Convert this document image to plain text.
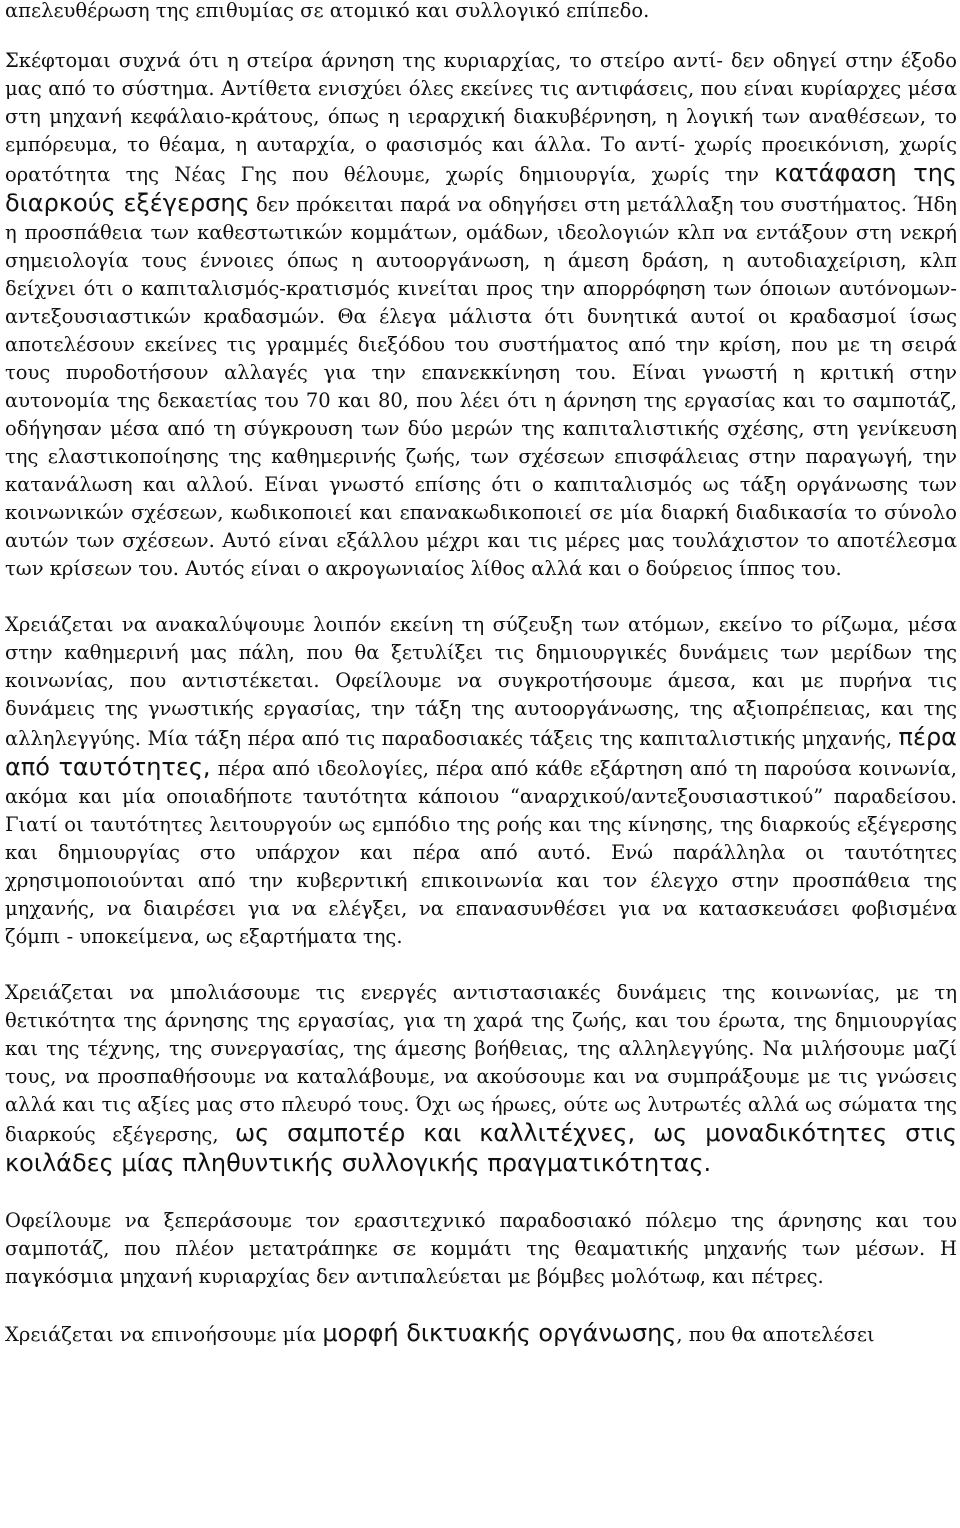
απελευθέρωση της επιθυμίας σε ατομικό και συλλογικό επίπεδο.

Σκέφτομαι συχνά ότι η στείρα άρνηση της κυριαρχίας, το στείρο αντί- δεν οδηγεί στην έξοδο μας από το σύστημα. Αντίθετα ενισχύει όλες εκείνες τις αντιφάσεις, που είναι κυρίαρχες μέσα στη μηχανή κεφάλαιο-κράτους, όπως η ιεραρχική διακυβέρνηση, η λογική των αναθέσεων, το εμπόρευμα, το θέαμα, η αυταρχία, ο φασισμός και άλλα. Το αντί- χωρίς προεικόνιση, χωρίς ορατότητα της Νέας Γης που θέλουμε, χωρίς δημιουργία, χωρίς την κατάφαση της διαρκούς εξέγερσης δεν πρόκειται παρά να οδηγήσει στη μετάλλαξη του συστήματος. Ήδη η προσπάθεια των καθεστωτικών κομμάτων, ομάδων, ιδεολογιών κλπ να εντάξουν στη νεκρή σημειολογία τους έννοιες όπως η αυτοοργάνωση, η άμεση δράση, η αυτοδιαχείριση, κλπ δείχνει ότι ο καπιταλισμός-κρατισμός κινείται προς την απορρόφηση των όποιων αυτόνομων- αντεξουσιαστικών κραδασμών. Θα έλεγα μάλιστα ότι δυνητικά αυτοί οι κραδασμοί ίσως αποτελέσουν εκείνες τις γραμμές διεξόδου του συστήματος από την κρίση, που με τη σειρά τους πυροδοτήσουν αλλαγές για την επανεκκίνηση του. Είναι γνωστή η κριτική στην αυτονομία της δεκαετίας του 70 και 80, που λέει ότι η άρνηση της εργασίας και το σαμποτάζ, οδήγησαν μέσα από τη σύγκρουση των δύο μερών της καπιταλιστικής σχέσης, στη γενίκευση της ελαστικοποίησης της καθημερινής ζωής, των σχέσεων επισφάλειας στην παραγωγή, την κατανάλωση και αλλού. Είναι γνωστό επίσης ότι ο καπιταλισμός ως τάξη οργάνωσης των κοινωνικών σχέσεων, κωδικοποιεί και επανακωδικοποιεί σε μία διαρκή διαδικασία το σύνολο αυτών των σχέσεων. Αυτό είναι εξάλλου μέχρι και τις μέρες μας τουλάχιστον το αποτέλεσμα των κρίσεων του. Αυτός είναι ο ακρογωνιαίος λίθος αλλά και ο δούρειος ίππος του.

Χρειάζεται να ανακαλύψουμε λοιπόν εκείνη τη σύζευξη των ατόμων, εκείνο το ρίζωμα, μέσα στην καθημερινή μας πάλη, που θα ξετυλίξει τις δημιουργικές δυνάμεις των μερίδων της κοινωνίας, που αντιστέκεται. Οφείλουμε να συγκροτήσουμε άμεσα, και με πυρήνα τις δυνάμεις της γνωστικής εργασίας, την τάξη της αυτοοργάνωσης, της αξιοπρέπειας, και της αλληλεγγύης. Μία τάξη πέρα από τις παραδοσιακές τάξεις της καπιταλιστικής μηχανής, πέρα από ταυτότητες, πέρα από ιδεολογίες, πέρα από κάθε εξάρτηση από τη παρούσα κοινωνία, ακόμα και μία οποιαδήποτε ταυτότητα κάποιου “αναρχικού/αντεξουσιαστικού” παραδείσου. Γιατί οι ταυτότητες λειτουργούν ως εμπόδιο της ροής και της κίνησης, της διαρκούς εξέγερσης και δημιουργίας στο υπάρχον και πέρα από αυτό. Ενώ παράλληλα οι ταυτότητες χρησιμοποιούνται από την κυβερντική επικοινωνία και τον έλεγχο στην προσπάθεια της μηχανής, να διαιρέσει για να ελέγξει, να επανασυνθέσει για να κατασκευάσει φοβισμένα ζόμπι - υποκείμενα, ως εξαρτήματα της.

Χρειάζεται να μπολιάσουμε τις ενεργές αντιστασιακές δυνάμεις της κοινωνίας, με τη θετικότητα της άρνησης της εργασίας, για τη χαρά της ζωής, και του έρωτα, της δημιουργίας και της τέχνης, της συνεργασίας, της άμεσης βοήθειας, της αλληλεγγύης. Να μιλήσουμε μαζί τους, να προσπαθήσουμε να καταλάβουμε, να ακούσουμε και να συμπράξουμε με τις γνώσεις αλλά και τις αξίες μας στο πλευρό τους. Όχι ως ήρωες, ούτε ως λυτρωτές αλλά ως σώματα της διαρκούς εξέγερσης, ως σαμποτέρ και καλλιτέχνες, ως μοναδικότητες στις κοιλάδες μίας πληθυντικής συλλογικής πραγματικότητας.

Οφείλουμε να ξεπεράσουμε τον ερασιτεχνικό παραδοσιακό πόλεμο της άρνησης και του σαμποτάζ, που πλέον μετατράπηκε σε κομμάτι της θεαματικής μηχανής των μέσων. Η παγκόσμια μηχανή κυριαρχίας δεν αντιπαλεύεται με βόμβες μολότωφ, και πέτρες.

Χρειάζεται να επινοήσουμε μία μορφή δικτυακής οργάνωσης, που θα αποτελέσει
